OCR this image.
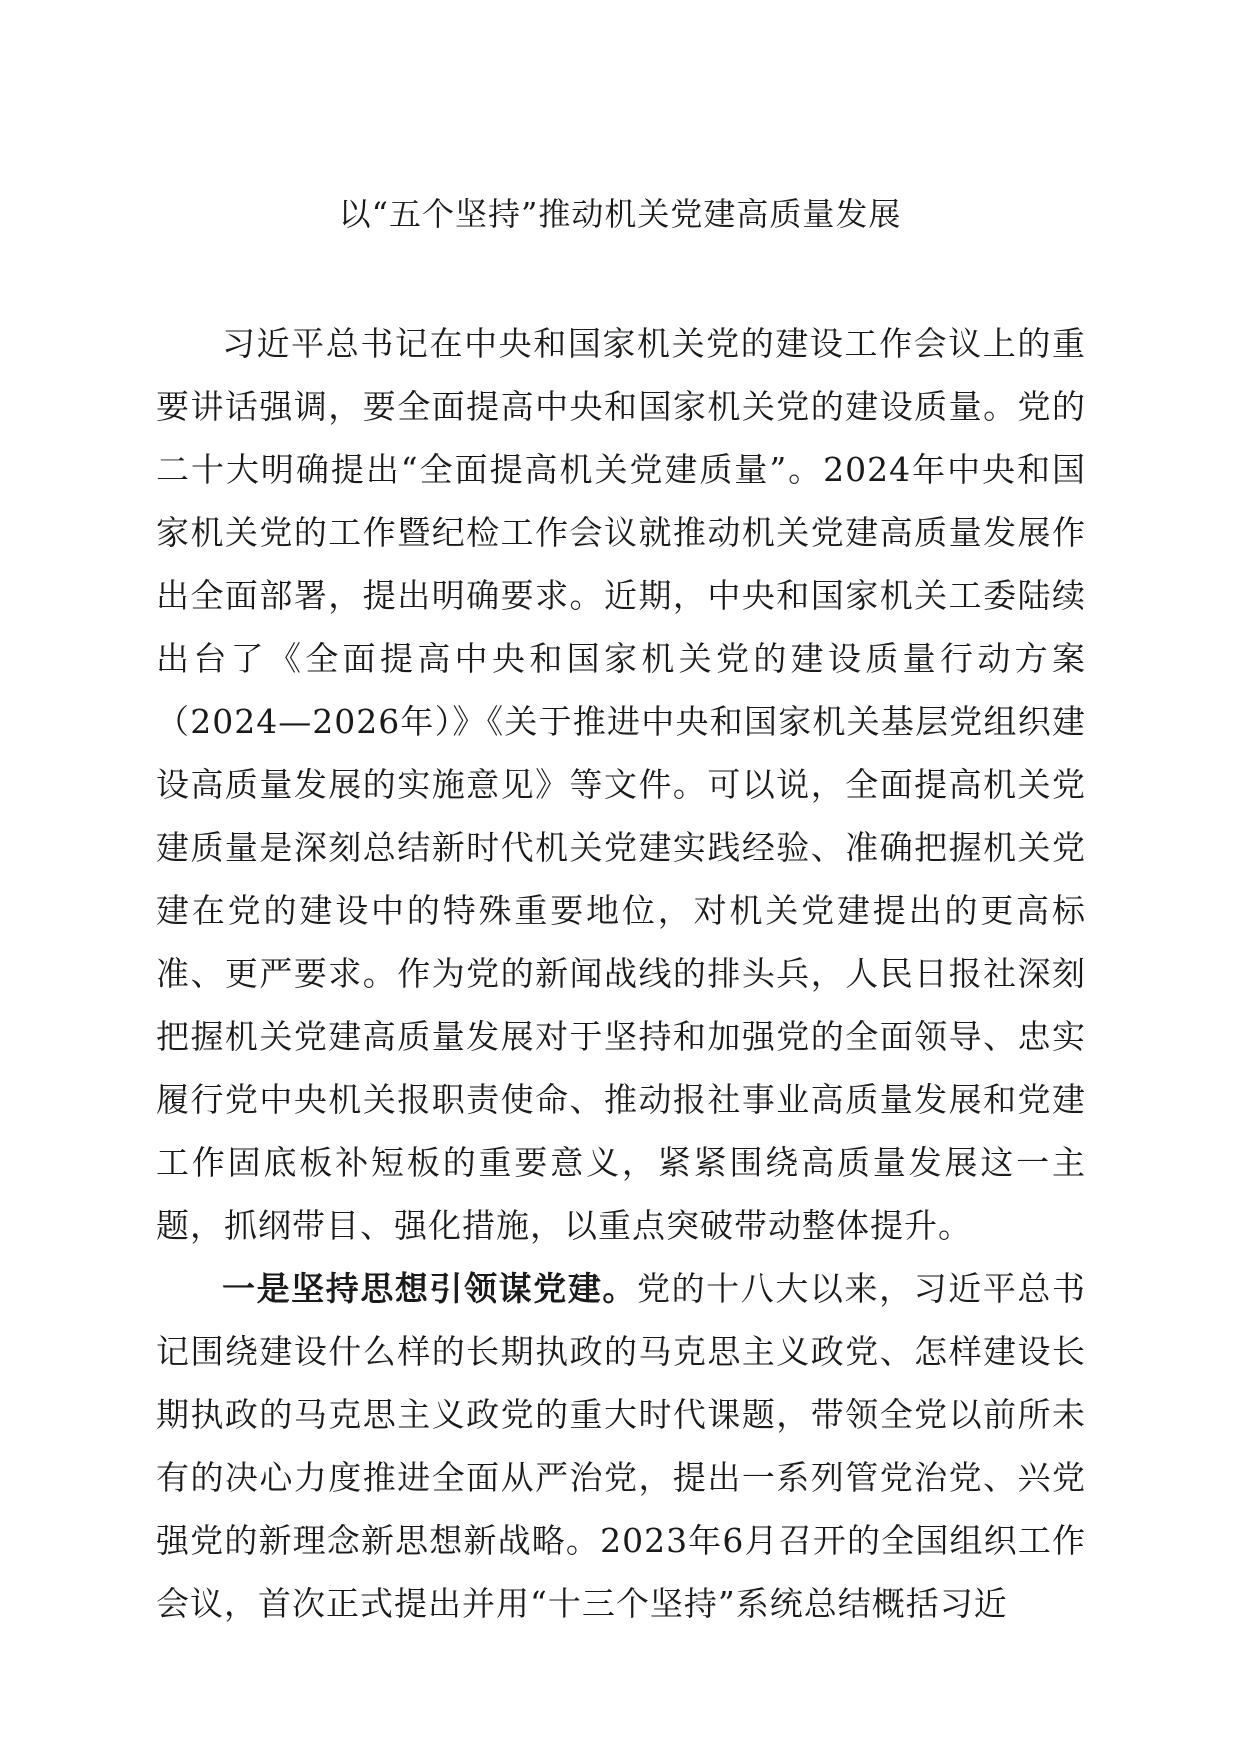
以“五个坚持”推动机关党建高质量发展

习近平总书记在中央和国家机关党的建设工作会议上的重要讲话强调，要全面提高中央和国家机关党的建设质量。党的二十大明确提出“全面提高机关党建质量”。2024年中央和国家机关党的工作暨纪检工作会议就推动机关党建高质量发展作出全面部署，提出明确要求。近期，中央和国家机关工委陆续出台了《全面提高中央和国家机关党的建设质量行动方案（2024—2026年）》《关于推进中央和国家机关基层党组织建设高质量发展的实施意见》等文件。可以说，全面提高机关党建质量是深刻总结新时代机关党建实践经验、准确把握机关党建在党的建设中的特殊重要地位，对机关党建提出的更高标准、更严要求。作为党的新闻战线的排头兵，人民日报社深刻把握机关党建高质量发展对于坚持和加强党的全面领导、忠实履行党中央机关报职责使命、推动报社事业高质量发展和党建工作固底板补短板的重要意义，紧紧围绕高质量发展这一主题，抓纲带目、强化措施，以重点突破带动整体提升。

一是坚持思想引领谋党建。党的十八大以来，习近平总书记围绕建设什么样的长期执政的马克思主义政党、怎样建设长期执政的马克思主义政党的重大时代课题，带领全党以前所未有的决心力度推进全面从严治党，提出一系列管党治党、兴党强党的新理念新思想新战略。2023年6月召开的全国组织工作会议，首次正式提出并用“十三个坚持”系统总结概括习近
